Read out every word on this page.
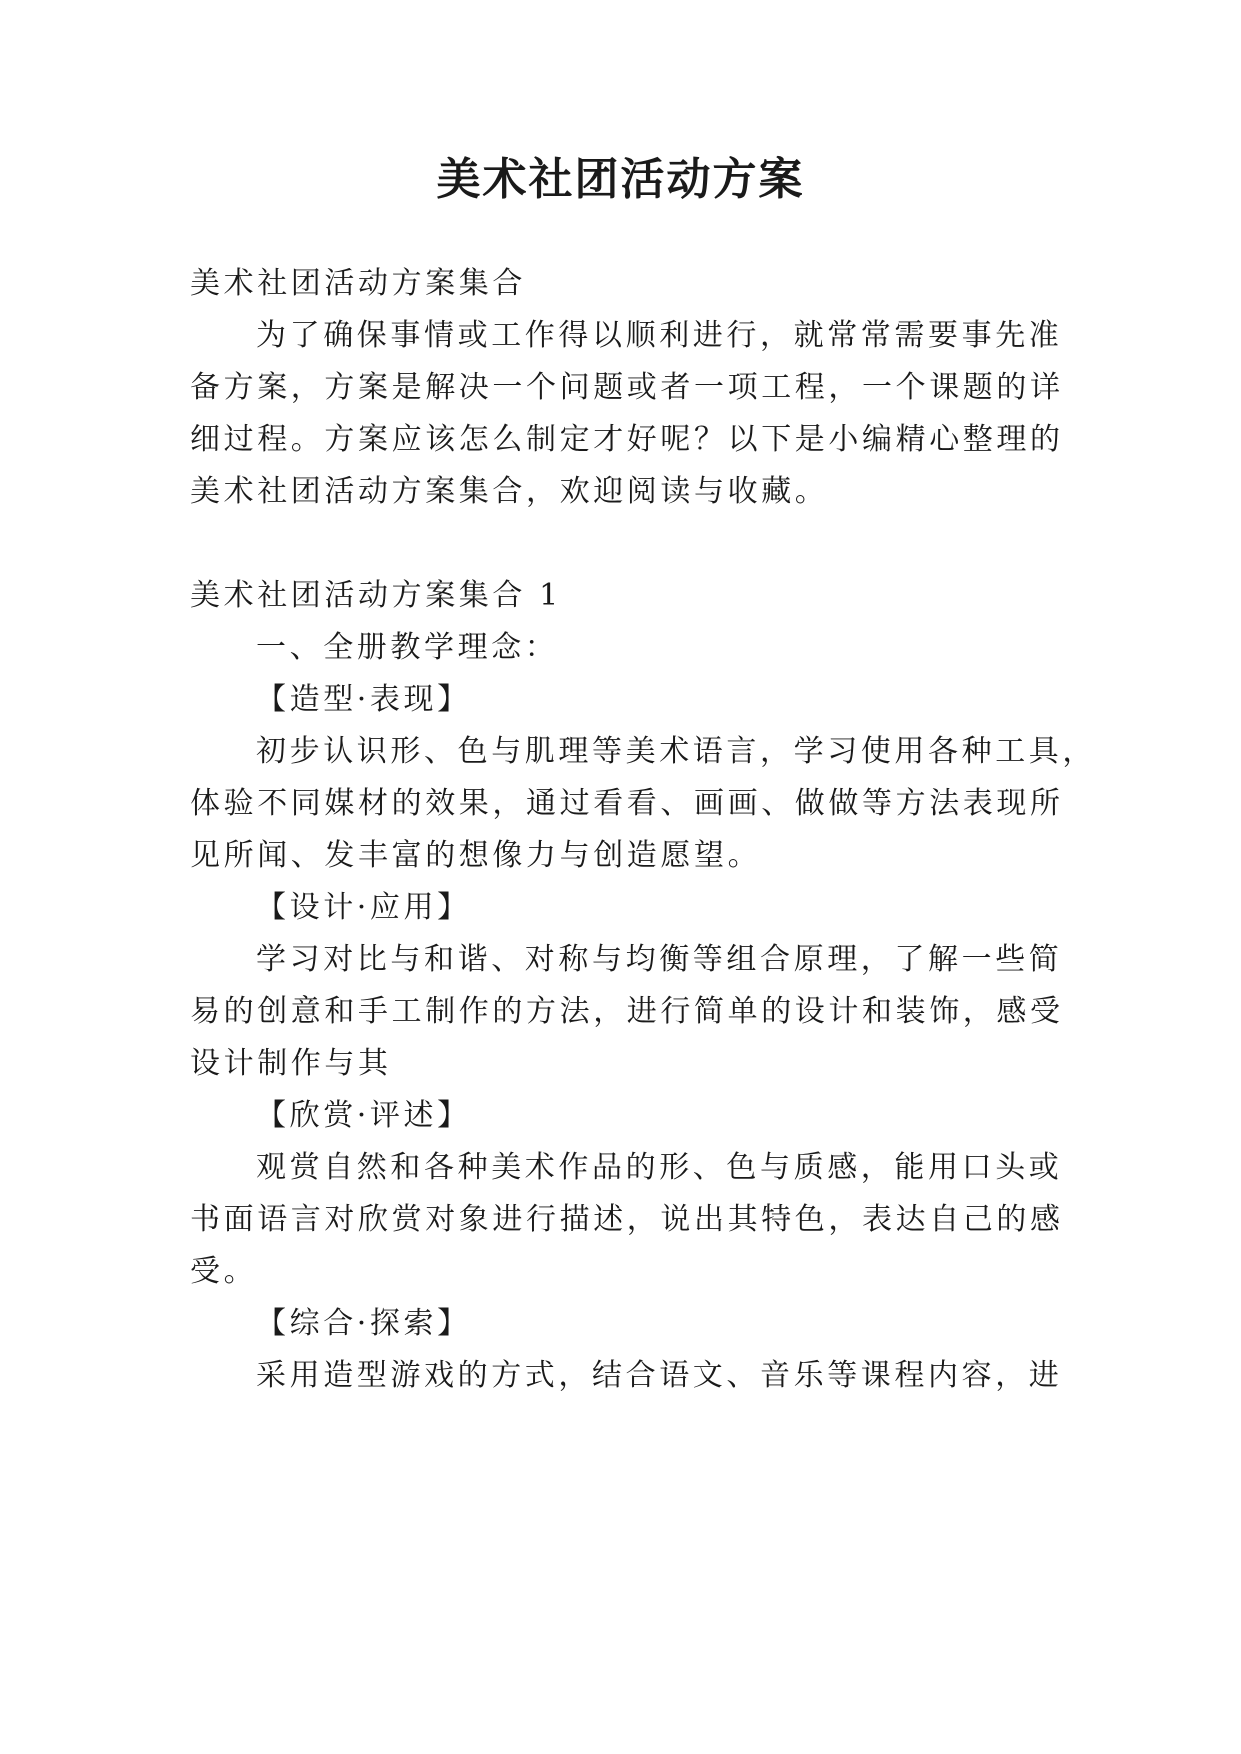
美术社团活动方案
美术社团活动方案集合
为了确保事情或工作得以顺利进行，就常常需要事先准
备方案，方案是解决一个问题或者一项工程，一个课题的详
细过程。方案应该怎么制定才好呢？以下是小编精心整理的
美术社团活动方案集合，欢迎阅读与收藏。
美术社团活动方案集合 1
一、全册教学理念：
【造型·表现】
初步认识形、色与肌理等美术语言，学习使用各种工具，
体验不同媒材的效果，通过看看、画画、做做等方法表现所
见所闻、发丰富的想像力与创造愿望。
【设计·应用】
学习对比与和谐、对称与均衡等组合原理，了解一些简
易的创意和手工制作的方法，进行简单的设计和装饰，感受
设计制作与其
【欣赏·评述】
观赏自然和各种美术作品的形、色与质感，能用口头或
书面语言对欣赏对象进行描述，说出其特色，表达自己的感
受。
【综合·探索】
采用造型游戏的方式，结合语文、音乐等课程内容，进
